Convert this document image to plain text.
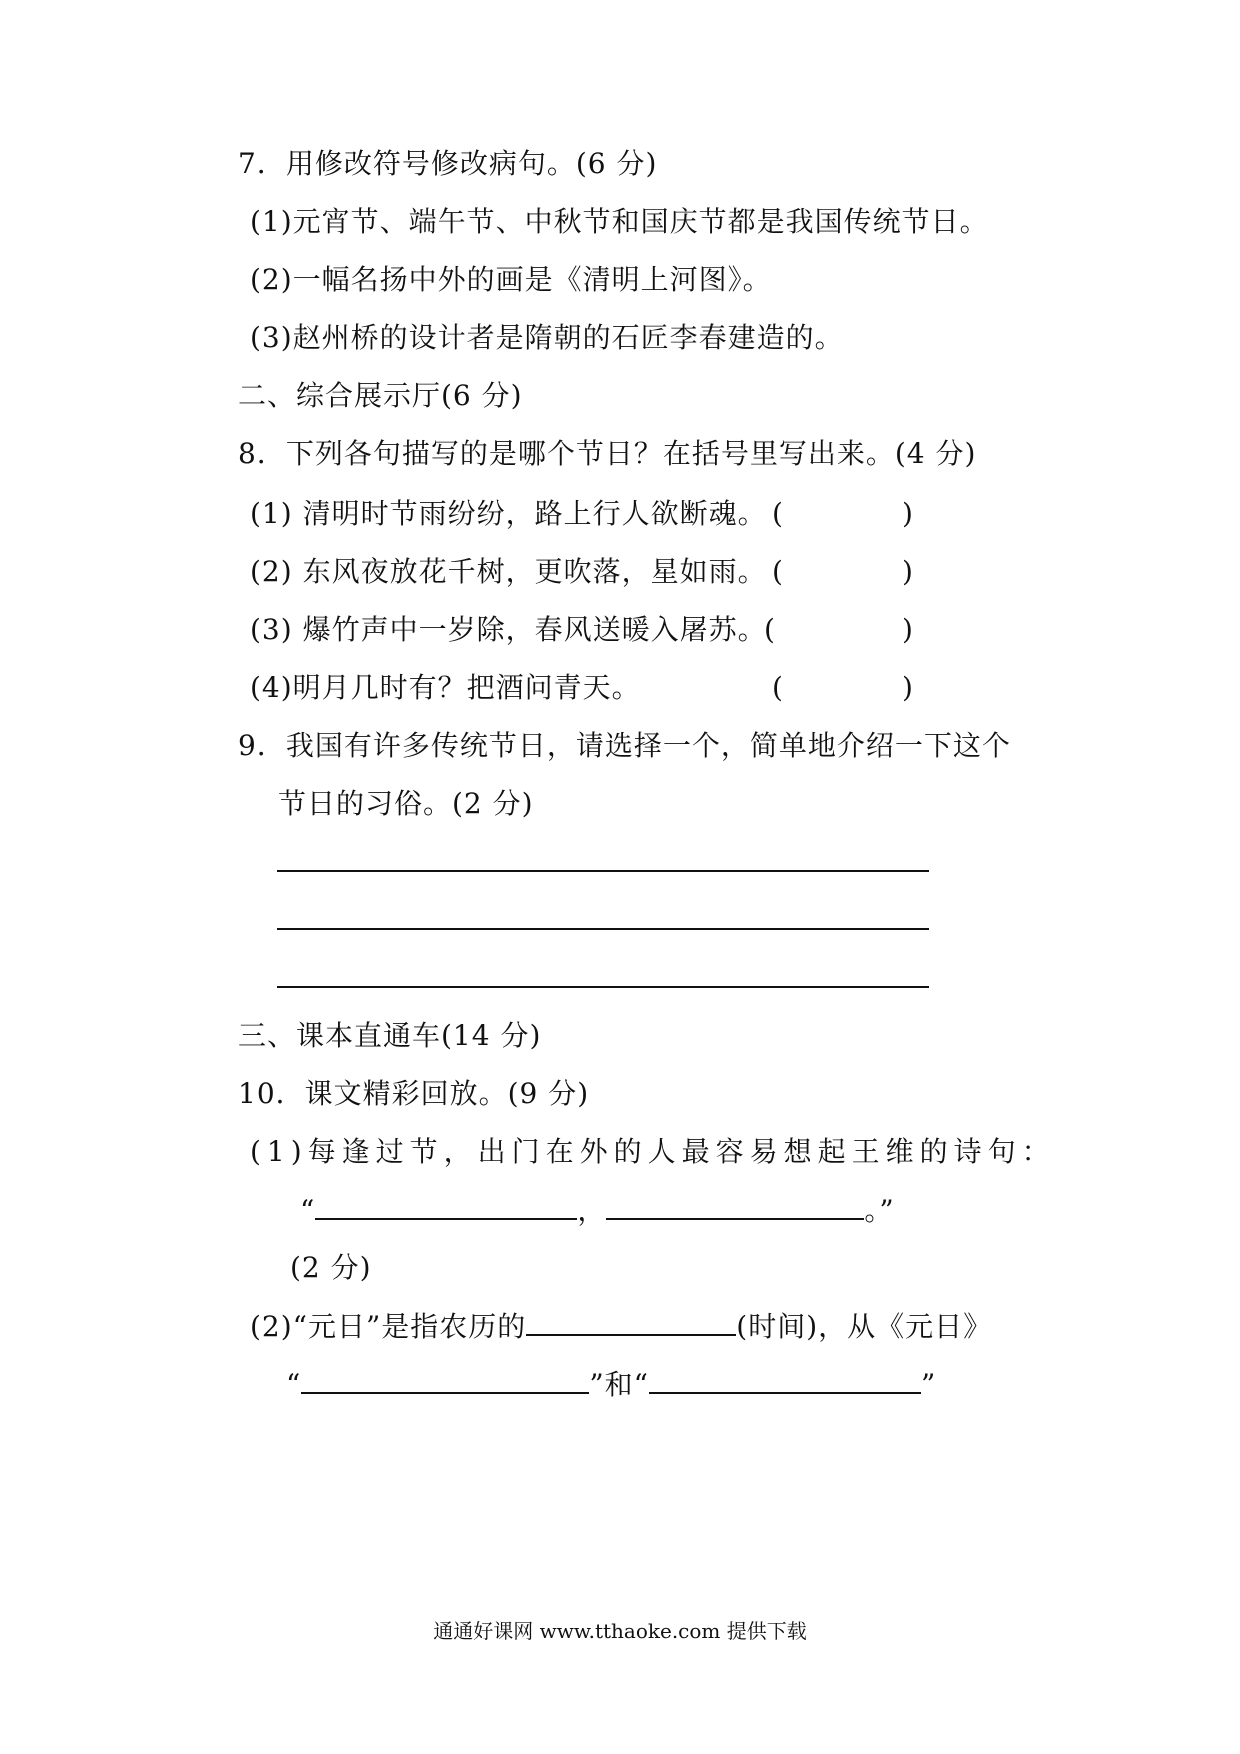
7．用修改符号修改病句。(6 分)
(1)元宵节、端午节、中秋节和国庆节都是我国传统节日。
(2)一幅名扬中外的画是《清明上河图》。
(3)赵州桥的设计者是隋朝的石匠李春建造的。
二、综合展示厅(6 分)
8．下列各句描写的是哪个节日？在括号里写出来。(4 分)
(1) 清明时节雨纷纷，路上行人欲断魂。 (	)
(2) 东风夜放花千树，更吹落，星如雨。 (	)
(3) 爆竹声中一岁除，春风送暖入屠苏。
(	)
(4)明月几时有？把酒问青天。	(	)
9．我国有许多传统节日，请选择一个，简单地介绍一下这个
节日的习俗。(2 分)
三、课本直通车(14 分)
10．课文精彩回放。(9 分)
(1)每逢过节，出门在外的人最容易想起王维的诗句：
“	，	。”
(2 分)
(2)“元日”是指农历的	(时间)，从《元日》
“	”和“	”
通通好课网 www.tthaoke.com 提供下载
